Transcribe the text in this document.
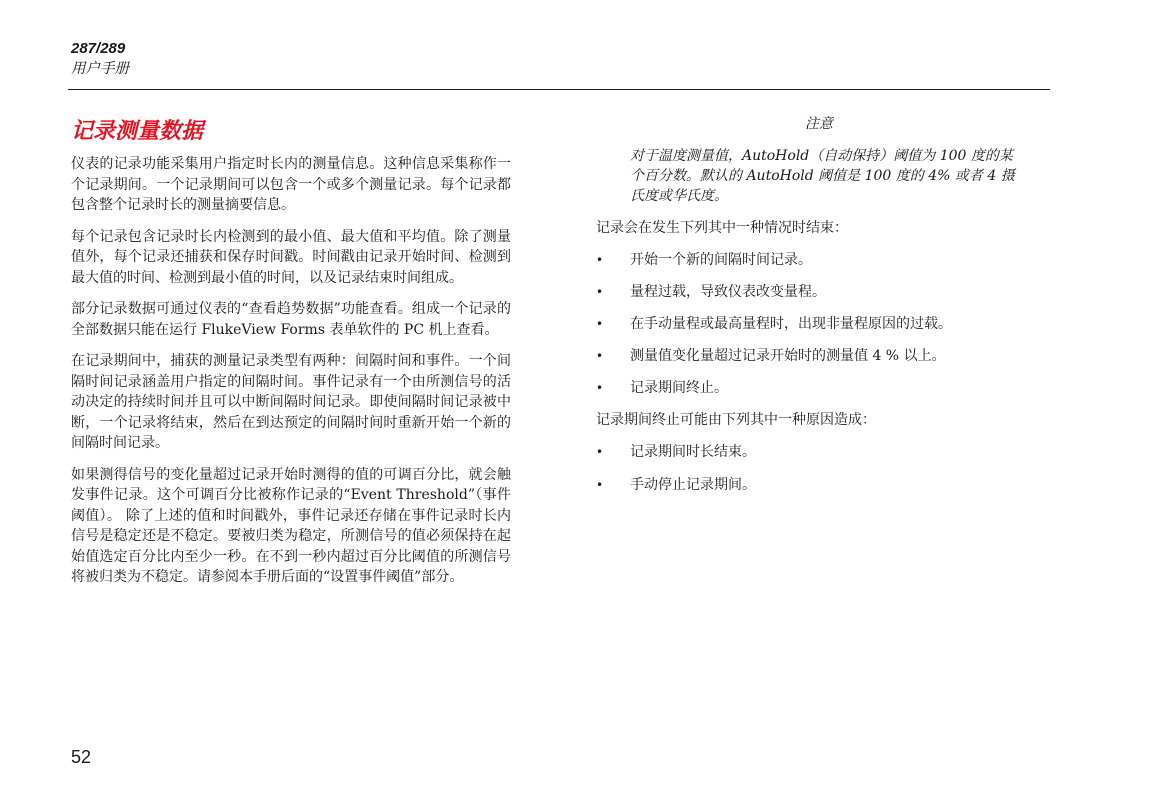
287/289
用户手册
记录测量数据

仪表的记录功能采集用户指定时长内的测量信息。这种信息采集称作一个记录期间。一个记录期间可以包含一个或多个测量记录。每个记录都包含整个记录时长的测量摘要信息。

每个记录包含记录时长内检测到的最小值、最大值和平均值。除了测量值外，每个记录还捕获和保存时间戳。时间戳由记录开始时间、检测到最大值的时间、检测到最小值的时间，以及记录结束时间组成。

部分记录数据可通过仪表的“查看趋势数据”功能查看。组成一个记录的全部数据只能在运行 FlukeView Forms 表单软件的 PC 机上查看。

在记录期间中，捕获的测量记录类型有两种：间隔时间和事件。一个间隔时间记录涵盖用户指定的间隔时间。事件记录有一个由所测信号的活动决定的持续时间并且可以中断间隔时间记录。即使间隔时间记录被中断，一个记录将结束，然后在到达预定的间隔时间时重新开始一个新的间隔时间记录。

如果测得信号的变化量超过记录开始时测得的值的可调百分比，就会触发事件记录。这个可调百分比被称作记录的“Event Threshold”（事件阈值）。 除了上述的值和时间戳外，事件记录还存储在事件记录时长内信号是稳定还是不稳定。要被归类为稳定，所测信号的值必须保持在起始值选定百分比内至少一秒。在不到一秒内超过百分比阈值的所测信号将被归类为不稳定。请参阅本手册后面的“设置事件阈值”部分。

注意

对于温度测量值，AutoHold（自动保持）阈值为 100 度的某个百分数。默认的 AutoHold 阈值是 100 度的 4% 或者 4 摄氏度或华氏度。

记录会在发生下列其中一种情况时结束：

•	开始一个新的间隔时间记录。
•	量程过载，导致仪表改变量程。
•	在手动量程或最高量程时，出现非量程原因的过载。
•	测量值变化量超过记录开始时的测量值 4 % 以上。
•	记录期间终止。

记录期间终止可能由下列其中一种原因造成：

•	记录期间时长结束。
•	手动停止记录期间。
52
